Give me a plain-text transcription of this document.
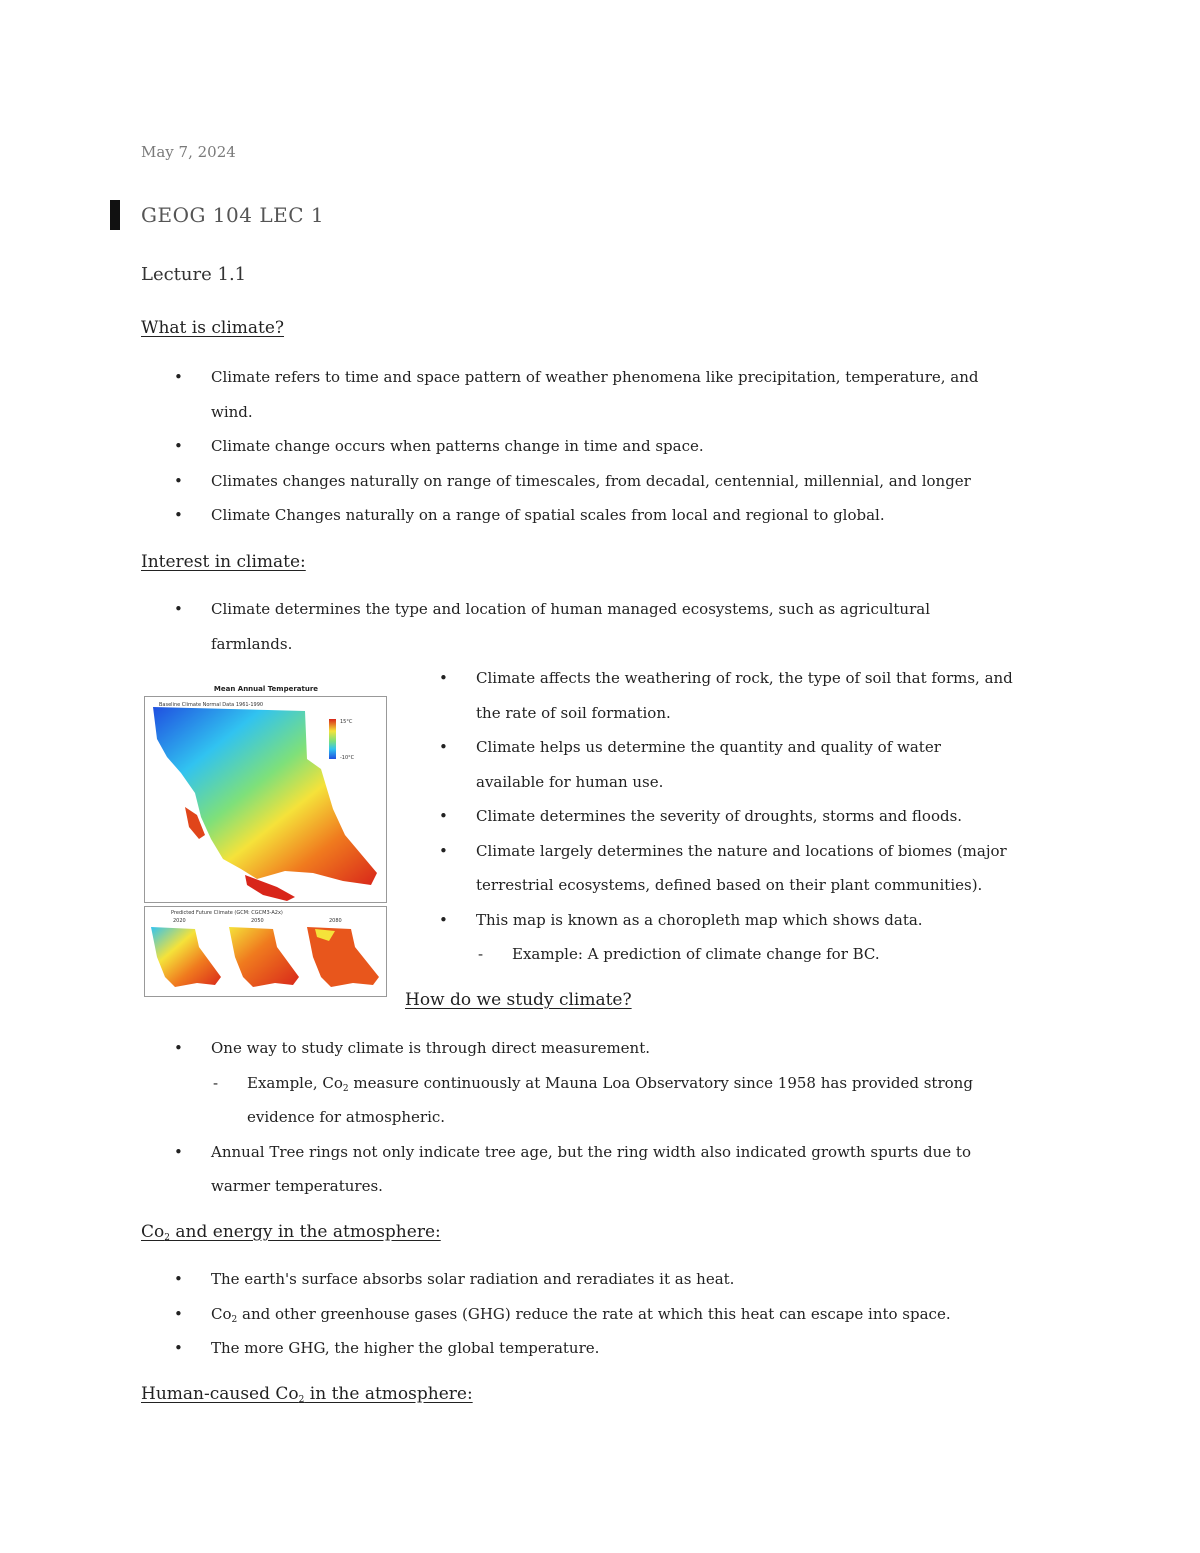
May 7, 2024
GEOG 104 LEC 1
Lecture 1.1
What is climate?
• Climate refers to time and space pattern of weather phenomena like precipitation, temperature, and
wind.
• Climate change occurs when patterns change in time and space.
• Climates changes naturally on range of timescales, from decadal, centennial, millennial, and longer
• Climate Changes naturally on a range of spatial scales from local and regional to global.
Interest in climate:
• Climate determines the type and location of human managed ecosystems, such as agricultural
farmlands.
• Climate affects the weathering of rock, the type of soil that forms, and
the rate of soil formation.
• Climate helps us determine the quantity and quality of water
available for human use.
• Climate determines the severity of droughts, storms and floods.
• Climate largely determines the nature and locations of biomes (major
terrestrial ecosystems, defined based on their plant communities).
• This map is known as a choropleth map which shows data.
- Example: A prediction of climate change for BC.
Mean Annual Temperature
Baseline Climate Normal Data 1961-1990
15°C
-10°C
Predicted Future Climate (GCM: CGCM3-A2x)
2020	2050	2080
How do we study climate?
• One way to study climate is through direct measurement.
- Example, $Co_2$ measure continuously at Mauna Loa Observatory since 1958 has provided strong
evidence for atmospheric.
• Annual Tree rings not only indicate tree age, but the ring width also indicated growth spurts due to
warmer temperatures.
$Co_2$ and energy in the atmosphere:
• The earth's surface absorbs solar radiation and reradiates it as heat.
• $Co_2$ and other greenhouse gases (GHG) reduce the rate at which this heat can escape into space.
• The more GHG, the higher the global temperature.
Human-caused $Co_2$ in the atmosphere:
